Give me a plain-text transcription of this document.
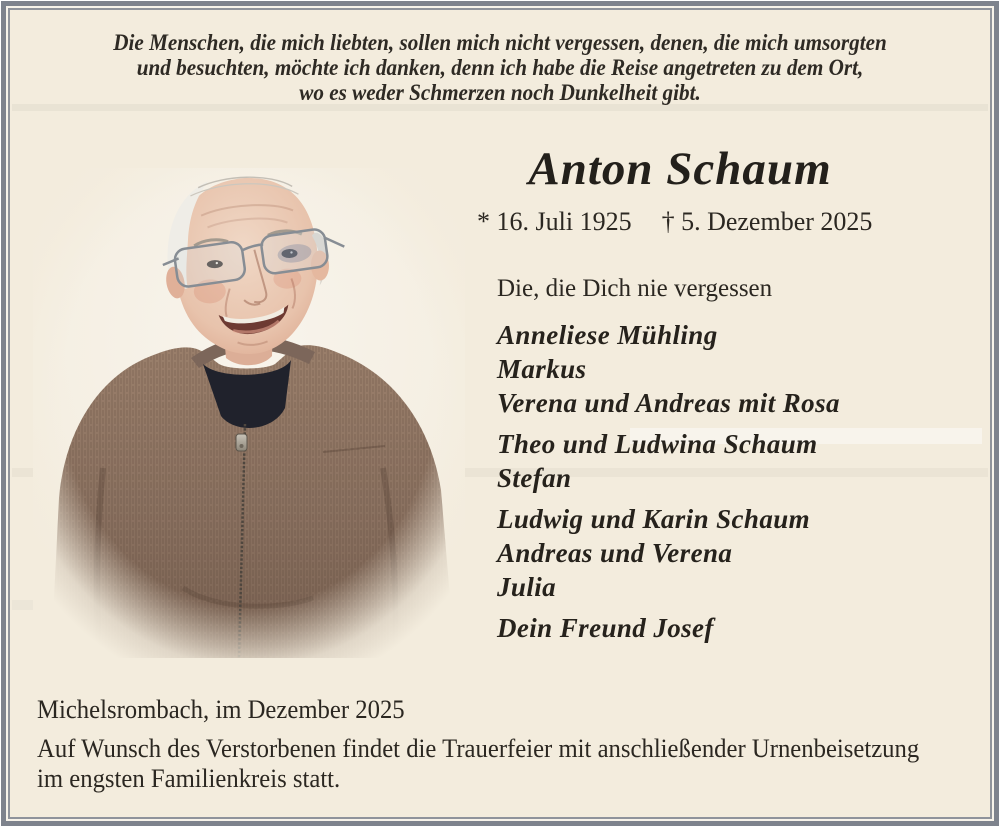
Die Menschen, die mich liebten, sollen mich nicht vergessen, denen, die mich umsorgten
und besuchten, möchte ich danken, denn ich habe die Reise angetreten zu dem Ort,
wo es weder Schmerzen noch Dunkelheit gibt.
Anton Schaum
* 16. Juli 1925 † 5. Dezember 2025
Die, die Dich nie vergessen
Anneliese Mühling
Markus
Verena und Andreas mit Rosa
Theo und Ludwina Schaum
Stefan
Ludwig und Karin Schaum
Andreas und Verena
Julia
Dein Freund Josef
Michelsrombach, im Dezember 2025
Auf Wunsch des Verstorbenen findet die Trauerfeier mit anschließender Urnenbeisetzung
im engsten Familienkreis statt.
